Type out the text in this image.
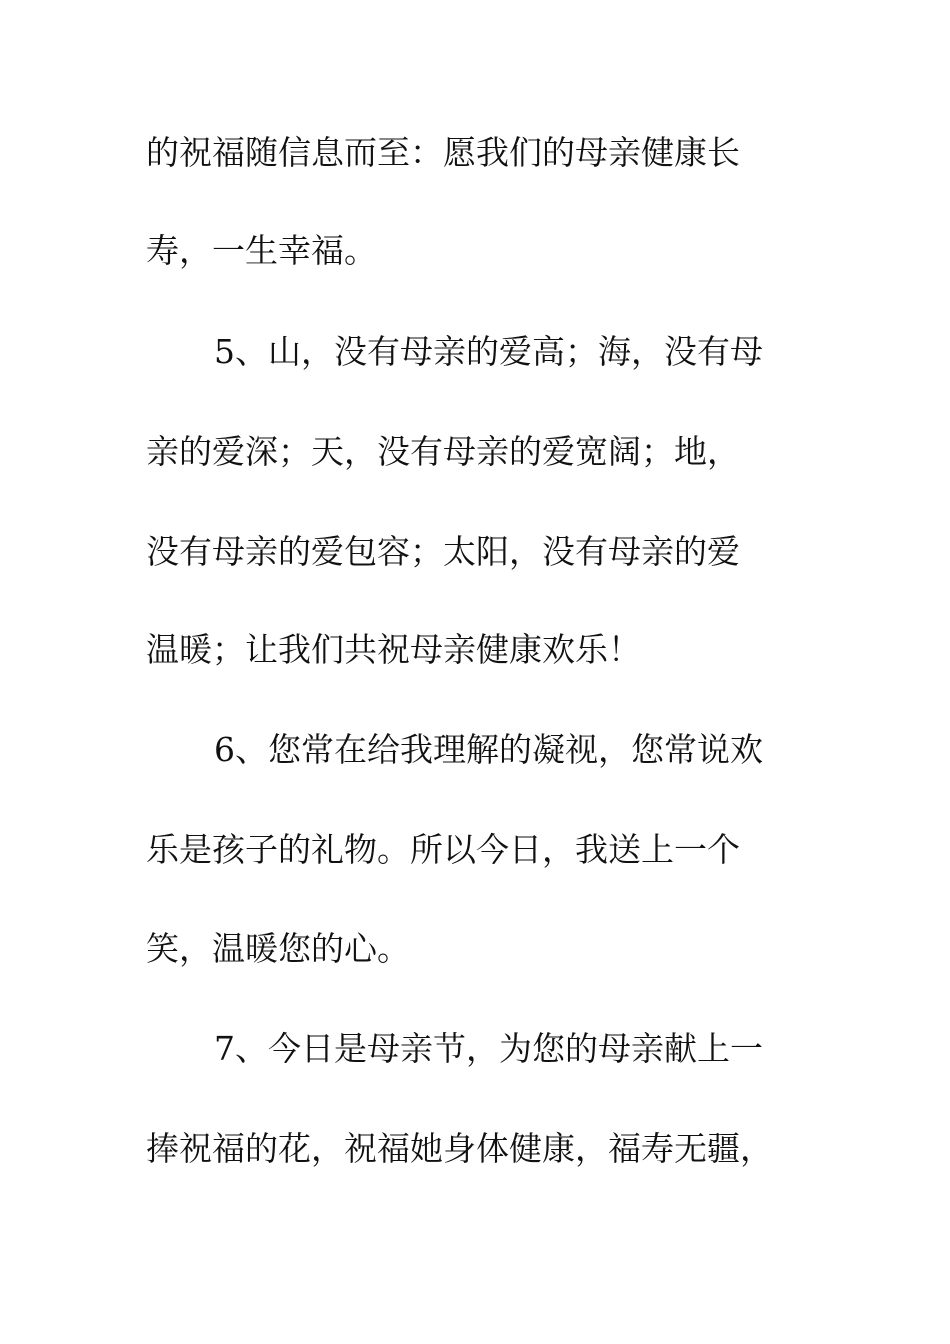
的祝福随信息而至：愿我们的母亲健康长
寿，一生幸福。
5、山，没有母亲的爱高；海，没有母
亲的爱深；天，没有母亲的爱宽阔；地，
没有母亲的爱包容；太阳，没有母亲的爱
温暖；让我们共祝母亲健康欢乐！
6、您常在给我理解的凝视，您常说欢
乐是孩子的礼物。所以今日，我送上一个
笑，温暖您的心。
7、今日是母亲节，为您的母亲献上一
捧祝福的花，祝福她身体健康，福寿无疆，
